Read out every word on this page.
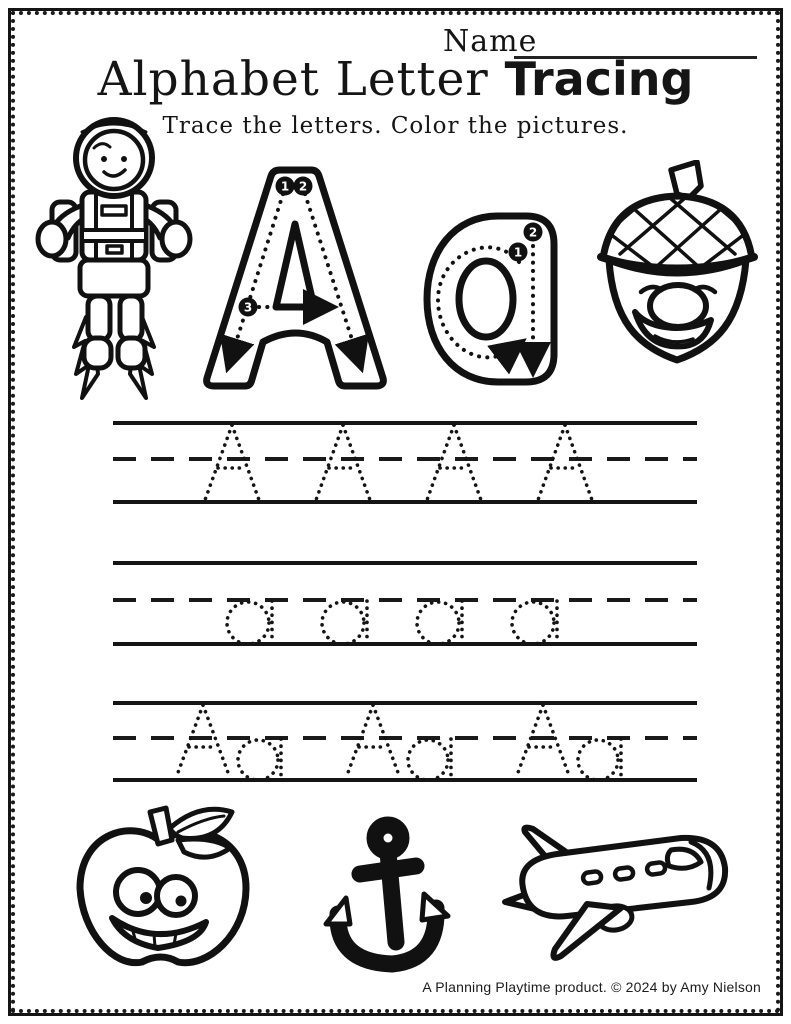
Name
Alphabet Letter Tracing
Trace the letters. Color the pictures.
1 2
3
1
2
A Planning Playtime product. © 2024 by Amy Nielson
